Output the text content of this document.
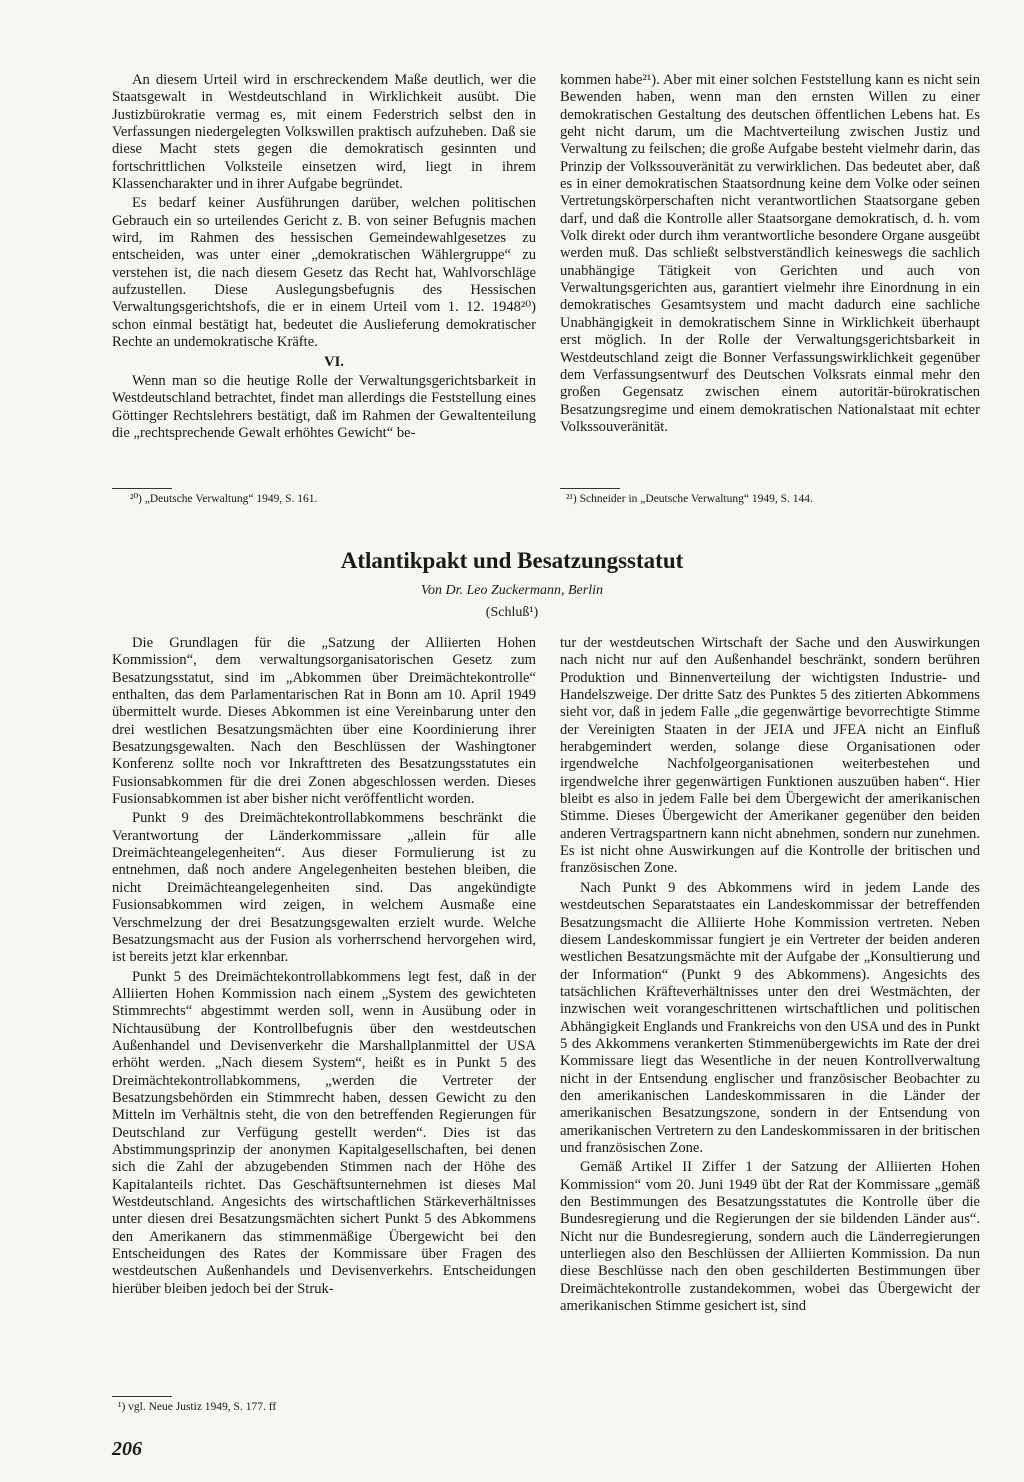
An diesem Urteil wird in erschreckendem Maße deutlich, wer die Staatsgewalt in Westdeutschland in Wirklichkeit ausübt. Die Justizbürokratie vermag es, mit einem Federstrich selbst den in Verfassungen niedergelegten Volkswillen praktisch aufzuheben. Daß sie diese Macht stets gegen die demokratisch gesinnten und fortschrittlichen Volksteile einsetzen wird, liegt in ihrem Klassencharakter und in ihrer Aufgabe begründet.

Es bedarf keiner Ausführungen darüber, welchen politischen Gebrauch ein so urteilendes Gericht z. B. von seiner Befugnis machen wird, im Rahmen des hessischen Gemeindewahlgesetzes zu entscheiden, was unter einer „demokratischen Wählergruppe“ zu verstehen ist, die nach diesem Gesetz das Recht hat, Wahlvorschläge aufzustellen. Diese Auslegungsbefugnis des Hessischen Verwaltungsgerichtshofs, die er in einem Urteil vom 1. 12. 1948²⁰) schon einmal bestätigt hat, bedeutet die Auslieferung demokratischer Rechte an undemokratische Kräfte.

VI.

Wenn man so die heutige Rolle der Verwaltungsgerichtsbarkeit in Westdeutschland betrachtet, findet man allerdings die Feststellung eines Göttinger Rechtslehrers bestätigt, daß im Rahmen der Gewaltenteilung die „rechtsprechende Gewalt erhöhtes Gewicht“ be-

²⁰) „Deutsche Verwaltung“ 1949, S. 161.

kommen habe²¹). Aber mit einer solchen Feststellung kann es nicht sein Bewenden haben, wenn man den ernsten Willen zu einer demokratischen Gestaltung des deutschen öffentlichen Lebens hat. Es geht nicht darum, um die Machtverteilung zwischen Justiz und Verwaltung zu feilschen; die große Aufgabe besteht vielmehr darin, das Prinzip der Volkssouveränität zu verwirklichen. Das bedeutet aber, daß es in einer demokratischen Staatsordnung keine dem Volke oder seinen Vertretungskörperschaften nicht verantwortlichen Staatsorgane geben darf, und daß die Kontrolle aller Staatsorgane demokratisch, d. h. vom Volk direkt oder durch ihm verantwortliche besondere Organe ausgeübt werden muß. Das schließt selbstverständlich keineswegs die sachlich unabhängige Tätigkeit von Gerichten und auch von Verwaltungsgerichten aus, garantiert vielmehr ihre Einordnung in ein demokratisches Gesamtsystem und macht dadurch eine sachliche Unabhängigkeit in demokratischem Sinne in Wirklichkeit überhaupt erst möglich. In der Rolle der Verwaltungsgerichtsbarkeit in Westdeutschland zeigt die Bonner Verfassungswirklichkeit gegenüber dem Verfassungsentwurf des Deutschen Volksrats einmal mehr den großen Gegensatz zwischen einem autoritär-bürokratischen Besatzungsregime und einem demokratischen Nationalstaat mit echter Volkssouveränität.

²¹) Schneider in „Deutsche Verwaltung“ 1949, S. 144.
Atlantikpakt und Besatzungsstatut
Von Dr. Leo Zuckermann, Berlin
(Schluß¹)

Die Grundlagen für die „Satzung der Alliierten Hohen Kommission“, dem verwaltungsorganisatorischen Gesetz zum Besatzungsstatut, sind im „Abkommen über Dreimächtekontrolle“ enthalten, das dem Parlamentarischen Rat in Bonn am 10. April 1949 übermittelt wurde. Dieses Abkommen ist eine Vereinbarung unter den drei westlichen Besatzungsmächten über eine Koordinierung ihrer Besatzungsgewalten. Nach den Beschlüssen der Washingtoner Konferenz sollte noch vor Inkrafttreten des Besatzungsstatutes ein Fusionsabkommen für die drei Zonen abgeschlossen werden. Dieses Fusionsabkommen ist aber bisher nicht veröffentlicht worden.

Punkt 9 des Dreimächtekontrollabkommens beschränkt die Verantwortung der Länderkommissare „allein für alle Dreimächteangelegenheiten“. Aus dieser Formulierung ist zu entnehmen, daß noch andere Angelegenheiten bestehen bleiben, die nicht Dreimächteangelegenheiten sind. Das angekündigte Fusionsabkommen wird zeigen, in welchem Ausmaße eine Verschmelzung der drei Besatzungsgewalten erzielt wurde. Welche Besatzungsmacht aus der Fusion als vorherrschend hervorgehen wird, ist bereits jetzt klar erkennbar.

Punkt 5 des Dreimächtekontrollabkommens legt fest, daß in der Alliierten Hohen Kommission nach einem „System des gewichteten Stimmrechts“ abgestimmt werden soll, wenn in Ausübung oder in Nichtausübung der Kontrollbefugnis über den westdeutschen Außenhandel und Devisenverkehr die Marshallplanmittel der USA erhöht werden. „Nach diesem System“, heißt es in Punkt 5 des Dreimächtekontrollabkommens, „werden die Vertreter der Besatzungsbehörden ein Stimmrecht haben, dessen Gewicht zu den Mitteln im Verhältnis steht, die von den betreffenden Regierungen für Deutschland zur Verfügung gestellt werden“. Dies ist das Abstimmungsprinzip der anonymen Kapitalgesellschaften, bei denen sich die Zahl der abzugebenden Stimmen nach der Höhe des Kapitalanteils richtet. Das Geschäftsunternehmen ist dieses Mal Westdeutschland. Angesichts des wirtschaftlichen Stärkeverhältnisses unter diesen drei Besatzungsmächten sichert Punkt 5 des Abkommens den Amerikanern das stimmenmäßige Übergewicht bei den Entscheidungen des Rates der Kommissare über Fragen des westdeutschen Außenhandels und Devisenverkehrs. Entscheidungen hierüber bleiben jedoch bei der Struk-

¹) vgl. Neue Justiz 1949, S. 177. ff

tur der westdeutschen Wirtschaft der Sache und den Auswirkungen nach nicht nur auf den Außenhandel beschränkt, sondern berühren Produktion und Binnenverteilung der wichtigsten Industrie- und Handelszweige. Der dritte Satz des Punktes 5 des zitierten Abkommens sieht vor, daß in jedem Falle „die gegenwärtige bevorrechtigte Stimme der Vereinigten Staaten in der JEIA und JFEA nicht an Einfluß herabgemindert werden, solange diese Organisationen oder irgendwelche Nachfolgeorganisationen weiterbestehen und irgendwelche ihrer gegenwärtigen Funktionen auszuüben haben“. Hier bleibt es also in jedem Falle bei dem Übergewicht der amerikanischen Stimme. Dieses Übergewicht der Amerikaner gegenüber den beiden anderen Vertragspartnern kann nicht abnehmen, sondern nur zunehmen. Es ist nicht ohne Auswirkungen auf die Kontrolle der britischen und französischen Zone.

Nach Punkt 9 des Abkommens wird in jedem Lande des westdeutschen Separatstaates ein Landeskommissar der betreffenden Besatzungsmacht die Alliierte Hohe Kommission vertreten. Neben diesem Landeskommissar fungiert je ein Vertreter der beiden anderen westlichen Besatzungsmächte mit der Aufgabe der „Konsultierung und der Information“ (Punkt 9 des Abkommens). Angesichts des tatsächlichen Kräfteverhältnisses unter den drei Westmächten, der inzwischen weit vorangeschrittenen wirtschaftlichen und politischen Abhängigkeit Englands und Frankreichs von den USA und des in Punkt 5 des Akkommens verankerten Stimmenübergewichts im Rate der drei Kommissare liegt das Wesentliche in der neuen Kontrollverwaltung nicht in der Entsendung englischer und französischer Beobachter zu den amerikanischen Landeskommissaren in die Länder der amerikanischen Besatzungszone, sondern in der Entsendung von amerikanischen Vertretern zu den Landeskommissaren in der britischen und französischen Zone.

Gemäß Artikel II Ziffer 1 der Satzung der Alliierten Hohen Kommission“ vom 20. Juni 1949 übt der Rat der Kommissare „gemäß den Bestimmungen des Besatzungsstatutes die Kontrolle über die Bundesregierung und die Regierungen der sie bildenden Länder aus“. Nicht nur die Bundesregierung, sondern auch die Länderregierungen unterliegen also den Beschlüssen der Alliierten Kommission. Da nun diese Beschlüsse nach den oben geschilderten Bestimmungen über Dreimächtekontrolle zustandekommen, wobei das Übergewicht der amerikanischen Stimme gesichert ist, sind

206
